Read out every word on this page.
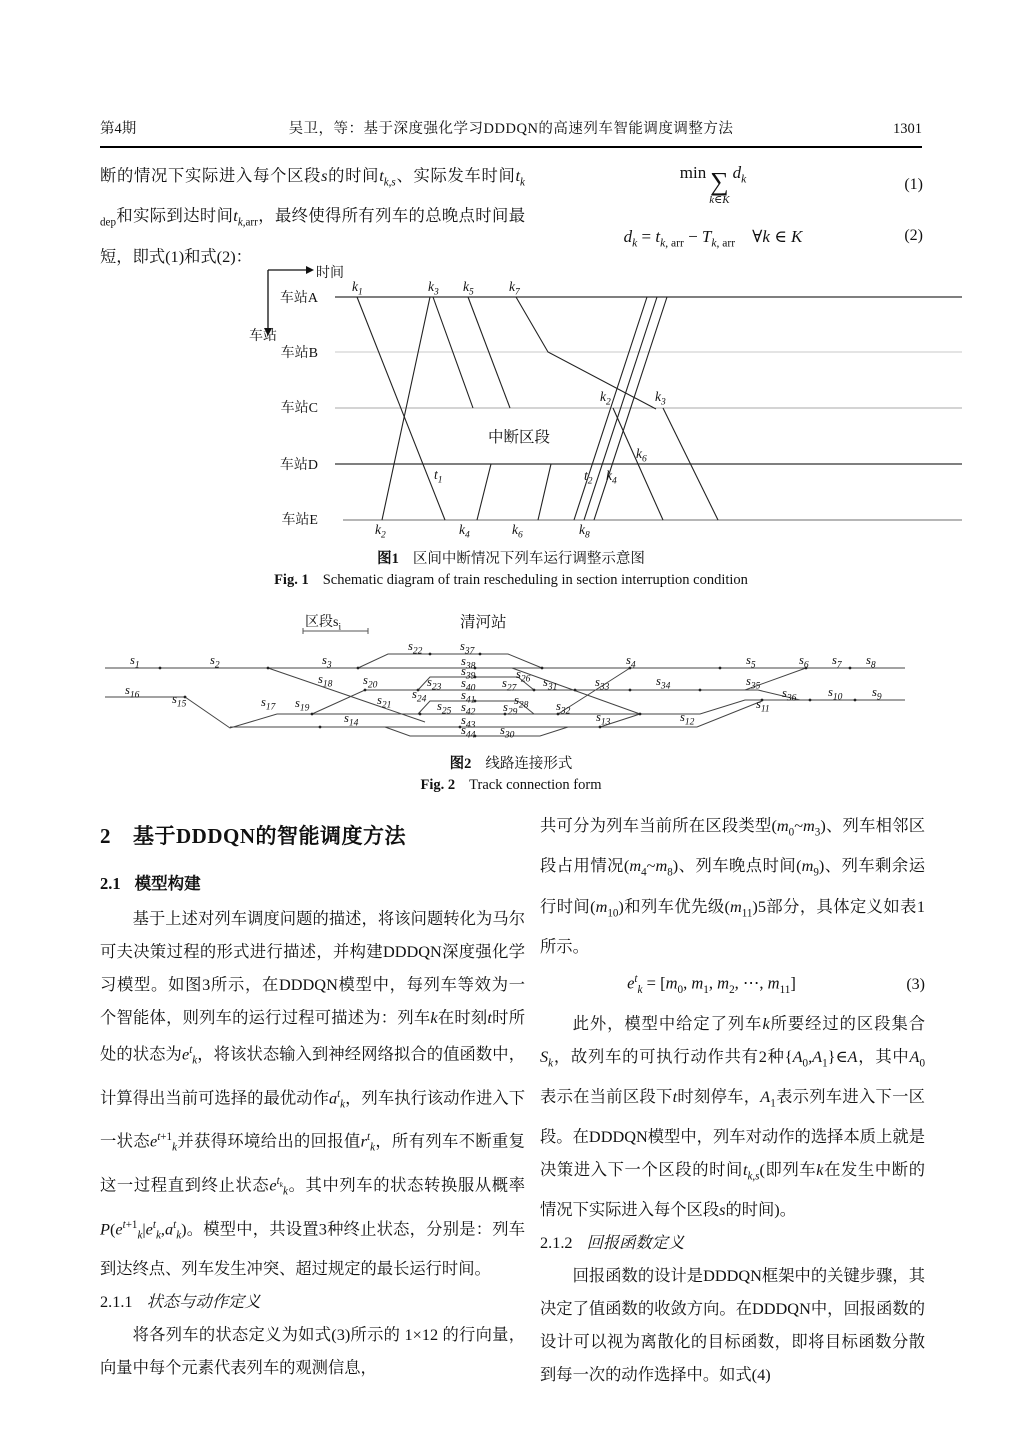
第4期	吴卫，等：基于深度强化学习DDDQN的高速列车智能调度调整方法	1301

断的情况下实际进入每个区段s的时间$t_{k,s}$、实际发车时间$t_{k dep}$和实际到达时间$t_{k,arr}$，最终使得所有列车的总晚点时间最短，即式(1)和式(2)：

min ∑
k∈K
$d_k$	(1)
$d_k = t_{k, arr} - T_{k, arr}$　∀k ∈ K	(2)
时间
车站
车站A
车站B
车站C
车站D
车站E
中断区段
$k_1$	$k_3$ $k_5$	$k_7$
$k_2$	$k_3$
$k_6$
$t_1$	$t_2$ $k_4$
$k_2$	$k_4$	$k_6$	$k_8$
图1 区间中断情况下列车运行调整示意图
Fig. 1 Schematic diagram of train rescheduling in section interruption condition
区段$s_i$	清河站
$s_1$	$s_2$	$s_3$	$s_4$	$s_5$	$s_6$ $s_7$ $s_8$
$s_{22}$	$s_{37}$
$s_{38}$
$s_{39}$
$s_{40}$
$s_{41}$
$s_{42}$
$s_{43}$
$s_{44}$ $s_{30}$
$s_{16}$	$s_{15}$	$s_{17}$ $s_{19}$
$s_{18}$ $s_{20}$
$s_{21}$
$s_{14}$
$s_{23}$
$s_{24}$ $s_{25}$
$s_{26}$
$s_{27}$
$s_{28}$
$s_{29}$
$s_{31}$
$s_{32}$
$s_{33}$	$s_{34}$	$s_{35}$ $s_{36}$	$s_{10}$ $s_9$
$s_{11}$
$s_{12}$
$s_{13}$
图2 线路连接形式
Fig. 2 Track connection form
2 基于DDDQN的智能调度方法
2.1 模型构建

基于上述对列车调度问题的描述，将该问题转化为马尔可夫决策过程的形式进行描述，并构建DDDQN深度强化学习模型。如图3所示，在DDDQN模型中，每列车等效为一个智能体，则列车的运行过程可描述为：列车k在时刻t时所处的状态为$e^t_k$，将该状态输入到神经网络拟合的值函数中，计算得出当前可选择的最优动作$a^t_k$，列车执行该动作进入下一状态$e^{t+1}_k$并获得环境给出的回报值$r^t_k$，所有列车不断重复这一过程直到终止状态$e^{t_k}_k$。其中列车的状态转换服从概率$P(e^{t+1}_k|e^t_k,a^t_k)$。模型中，共设置3种终止状态，分别是：列车到达终点、列车发生冲突、超过规定的最长运行时间。

2.1.1 状态与动作定义

将各列车的状态定义为如式(3)所示的 1×12 的行向量，向量中每个元素代表列车的观测信息，

共可分为列车当前所在区段类型$(m_0\sim m_3)$、列车相邻区段占用情况$(m_4\sim m_8)$、列车晚点时间$(m_9)$、列车剩余运行时间$(m_{10})$和列车优先级$(m_{11})5$部分，具体定义如表1所示。

$e^t_k = [m_0$, $m_1$, $m_2$, ⋯, $m_{11}$]	(3)

此外，模型中给定了列车k所要经过的区段集合$S_k$，故列车的可执行动作共有2种$\{A_0,A_1\}\in A$，其中$A_0$表示在当前区段下t时刻停车，$A_1$表示列车进入下一区段。在DDDQN模型中，列车对动作的选择本质上就是决策进入下一个区段的时间$t_{k,s}$(即列车k在发生中断的情况下实际进入每个区段s的时间)。

2.1.2 回报函数定义

回报函数的设计是DDDQN框架中的关键步骤，其决定了值函数的收敛方向。在DDDQN中，回报函数的设计可以视为离散化的目标函数，即将目标函数分散到每一次的动作选择中。如式(4)
